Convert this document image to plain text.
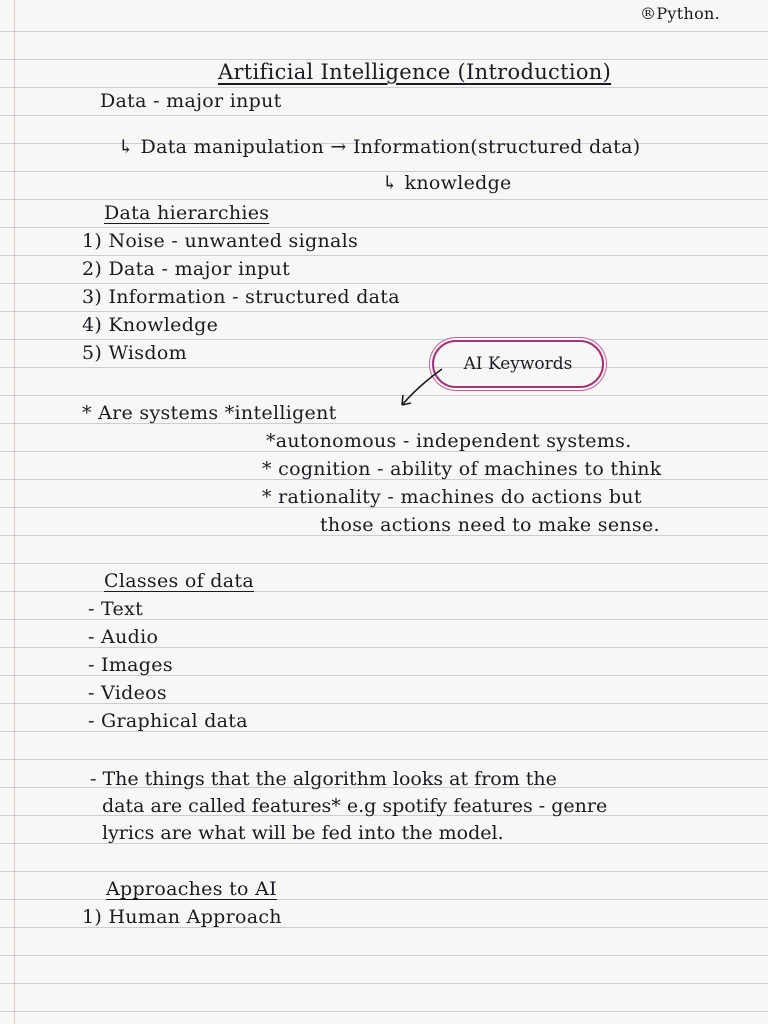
®Python.
Artificial Intelligence (Introduction)
Data - major input
↳ Data manipulation → Information(structured data)
↳ knowledge
Data hierarchies
1) Noise - unwanted signals
2) Data - major input
3) Information - structured data
4) Knowledge
5) Wisdom	AI Keywords
* Are systems *intelligent
*autonomous - independent systems.
* cognition - ability of machines to think
* rationality - machines do actions but
those actions need to make sense.
Classes of data
- Text
- Audio
- Images
- Videos
- Graphical data
- The things that the algorithm looks at from the
data are called features* e.g spotify features - genre
lyrics are what will be fed into the model.
Approaches to AI
1) Human Approach
